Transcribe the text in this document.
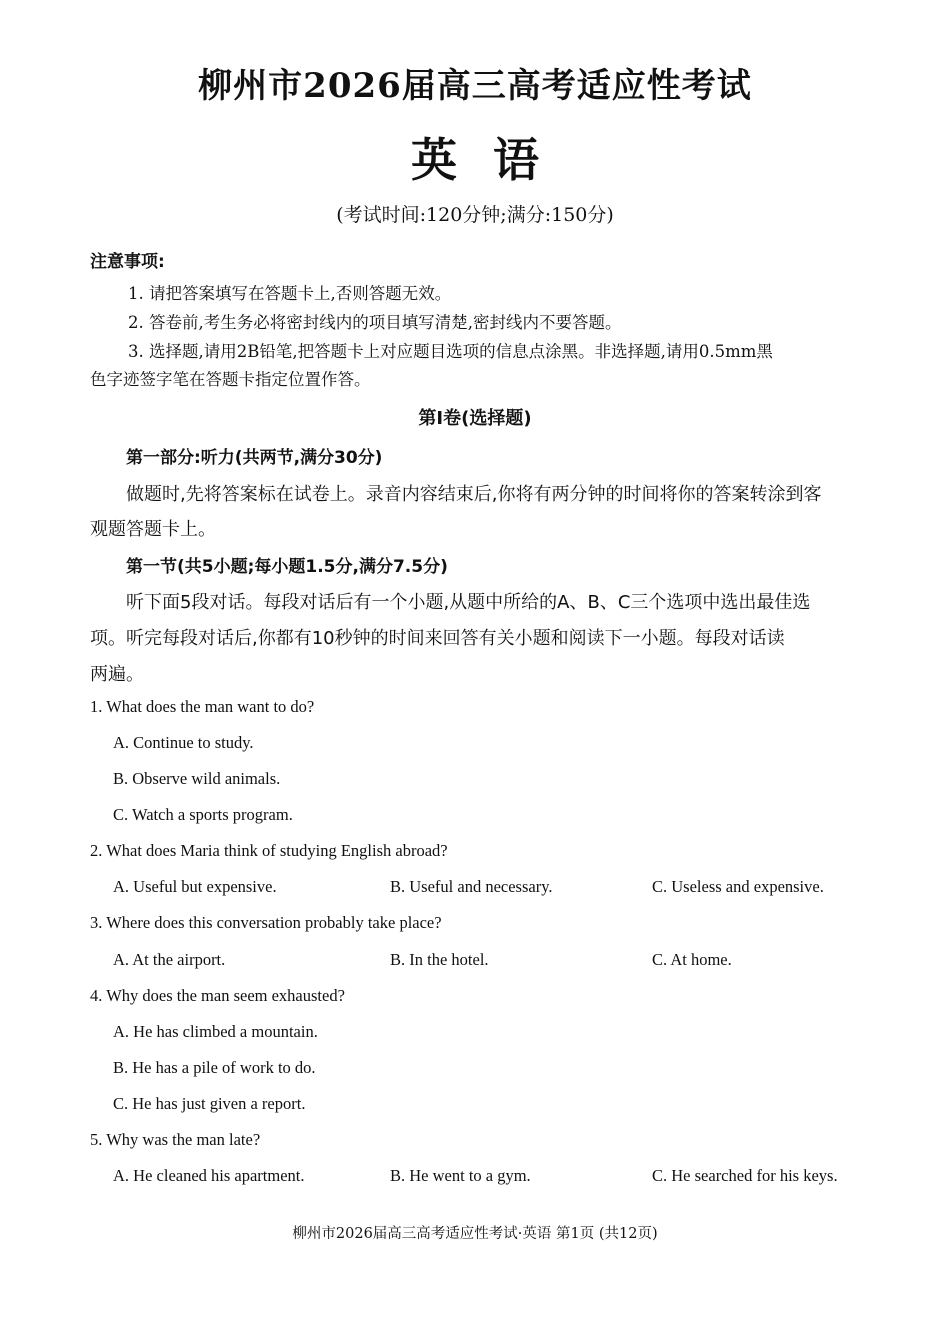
柳州市2026届高三高考适应性考试
英语
(考试时间:120分钟;满分:150分)
注意事项:
1. 请把答案填写在答题卡上,否则答题无效。
2. 答卷前,考生务必将密封线内的项目填写清楚,密封线内不要答题。
3. 选择题,请用2B铅笔,把答题卡上对应题目选项的信息点涂黑。非选择题,请用0.5mm黑
色字迹签字笔在答题卡指定位置作答。
第Ⅰ卷(选择题)
第一部分:听力(共两节,满分30分)
做题时,先将答案标在试卷上。录音内容结束后,你将有两分钟的时间将你的答案转涂到客
观题答题卡上。
第一节(共5小题;每小题1.5分,满分7.5分)
听下面5段对话。每段对话后有一个小题,从题中所给的A、B、C三个选项中选出最佳选
项。听完每段对话后,你都有10秒钟的时间来回答有关小题和阅读下一小题。每段对话读
两遍。
1. What does the man want to do?
A. Continue to study.
B. Observe wild animals.
C. Watch a sports program.
2. What does Maria think of studying English abroad?
A. Useful but expensive.	B. Useful and necessary.	C. Useless and expensive.
3. Where does this conversation probably take place?
A. At the airport.	B. In the hotel.	C. At home.
4. Why does the man seem exhausted?
A. He has climbed a mountain.
B. He has a pile of work to do.
C. He has just given a report.
5. Why was the man late?
A. He cleaned his apartment.	B. He went to a gym.	C. He searched for his keys.
柳州市2026届高三高考适应性考试·英语 第1页 (共12页)
